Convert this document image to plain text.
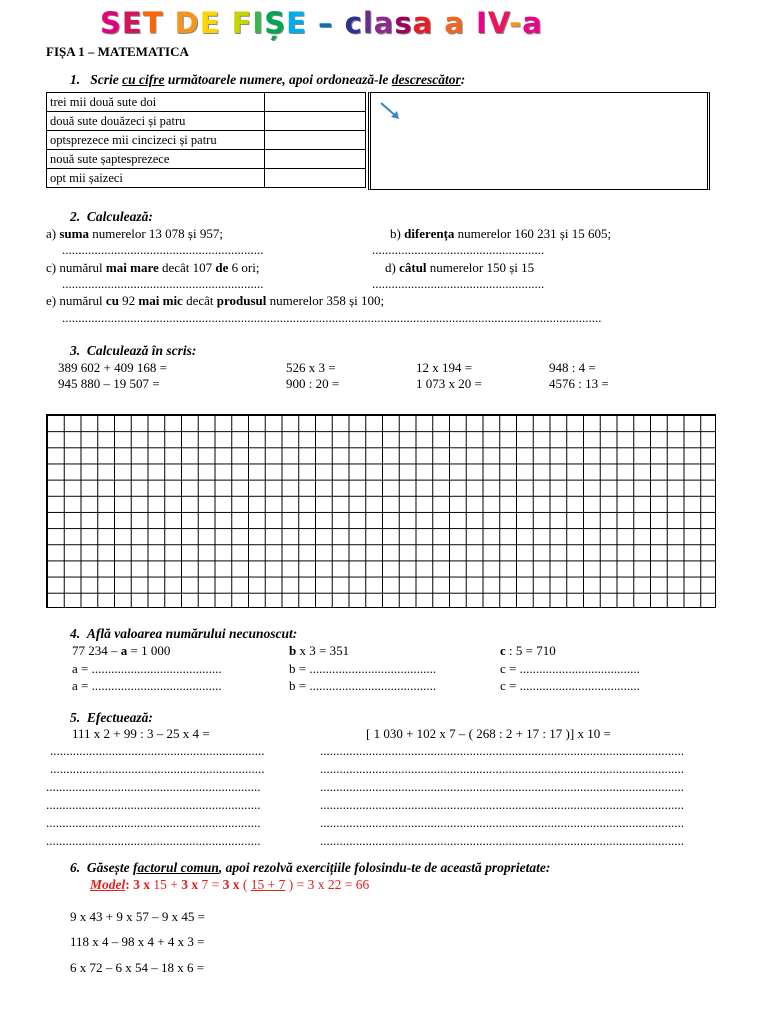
SET DE FIȘE – clasa a IV-a
FIȘA 1 – MATEMATICA
1. Scrie cu cifre următoarele numere, apoi ordonează-le descrescător:
trei mii două sute doi	
două sute douăzeci și patru	
optsprezece mii cincizeci și patru	
nouă sute șaptesprezece	
opt mii șaizeci	
2. Calculează:
a) suma numerelor 13 078 și 957;	b) diferența numerelor 160 231 și 15 605;
..............................................................	.....................................................
c) numărul mai mare decât 107 de 6 ori;	d) câtul numerelor 150 și 15
..............................................................	.....................................................
e) numărul cu 92 mai mic decât produsul numerelor 358 și 100;
......................................................................................................................................................................
3. Calculează în scris:
389 602 + 409 168 =	526 x 3 =	12 x 194 =	948 : 4 =
945 880 – 19 507 =	900 : 20 =	1 073 x 20 =	4576 : 13 =
4. Află valoarea numărului necunoscut:
77 234 – a = 1 000	b x 3 = 351	c : 5 = 710
a = ........................................	b = .......................................	c = .....................................
a = ........................................	b = .......................................	c = .....................................
5. Efectuează:
111 x 2 + 99 : 3 – 25 x 4 =	[ 1 030 + 102 x 7 – ( 268 : 2 + 17 : 17 )] x 10 =
..................................................................	................................................................................................................
..................................................................	................................................................................................................
..................................................................	................................................................................................................
..................................................................	................................................................................................................
..................................................................	................................................................................................................
..................................................................	................................................................................................................
6. Găsește factorul comun, apoi rezolvă exercițiile folosindu-te de această proprietate:
Model: 3 x 15 + 3 x 7 = 3 x ( 15 + 7 ) = 3 x 22 = 66
9 x 43 + 9 x 57 – 9 x 45 =
118 x 4 – 98 x 4 + 4 x 3 =
6 x 72 – 6 x 54 – 18 x 6 =
